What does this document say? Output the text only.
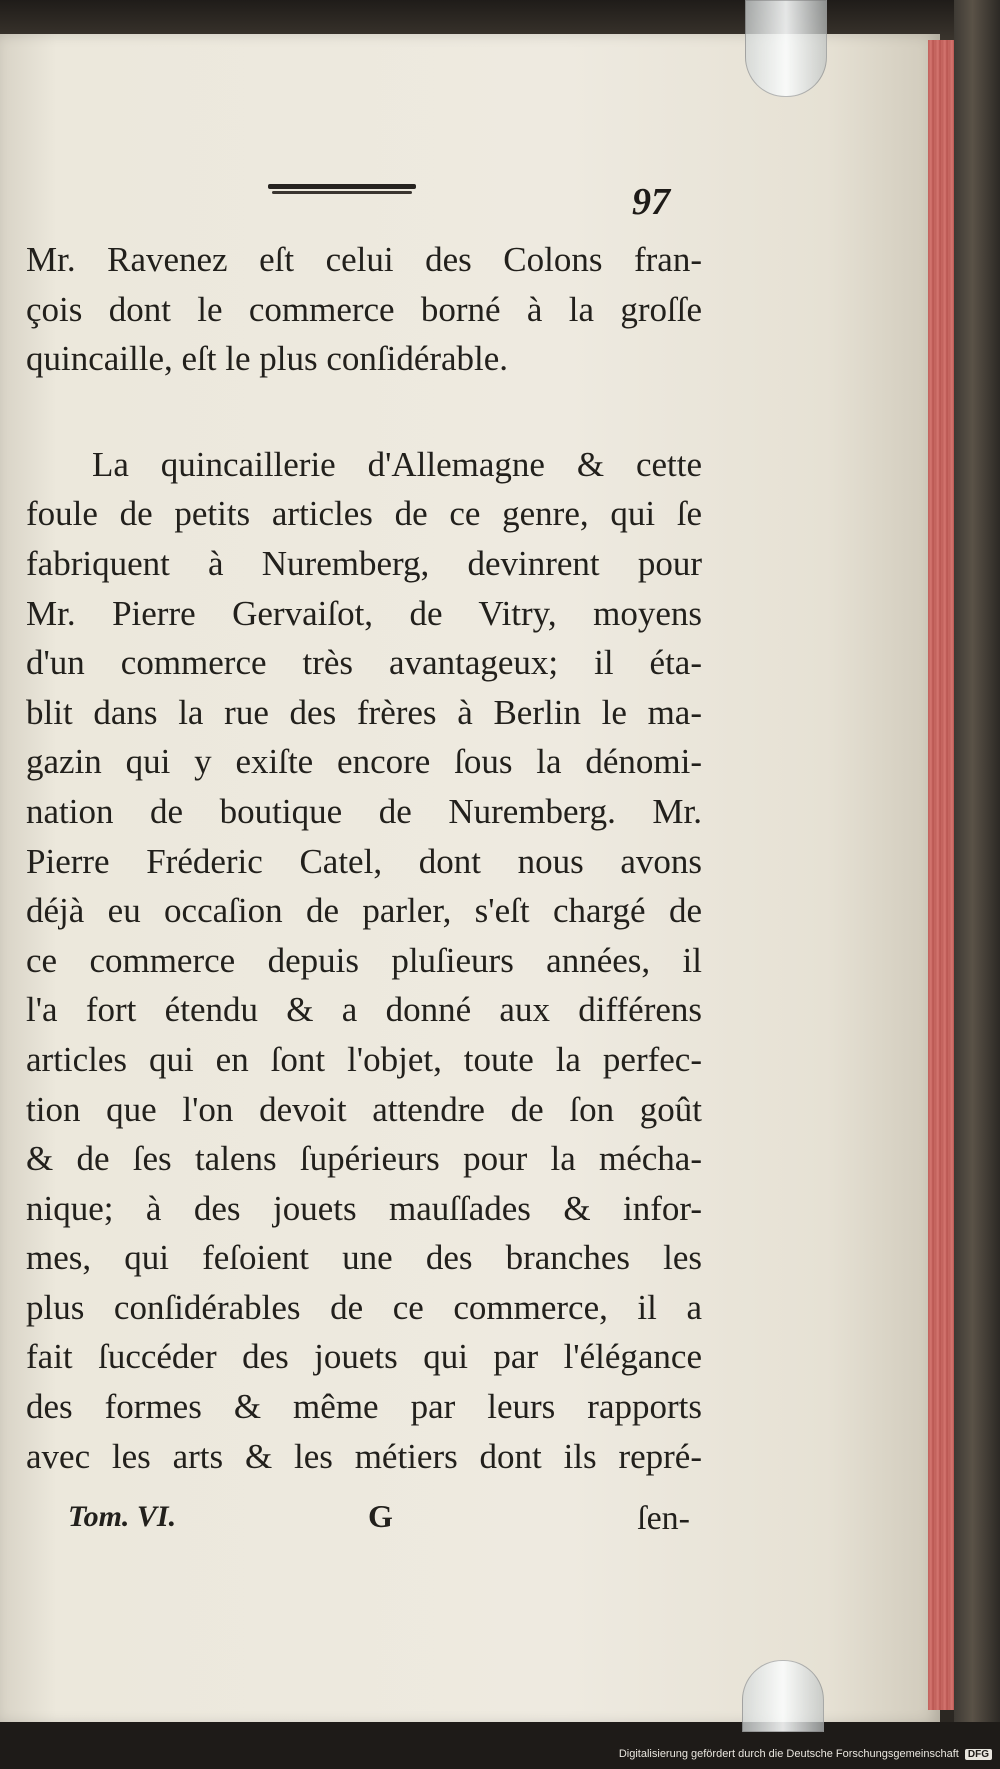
97
Mr. Ravenez eſt celui des Colons fran-
çois dont le commerce borné à la groſſe
quincaille, eſt le plus conſidérable.
La quincaillerie d'Allemagne & cette
foule de petits articles de ce genre, qui ſe
fabriquent à Nuremberg, devinrent pour
Mr. Pierre Gervaiſot, de Vitry, moyens
d'un commerce très avantageux; il éta-
blit dans la rue des frères à Berlin le ma-
gazin qui y exiſte encore ſous la dénomi-
nation de boutique de Nuremberg. Mr.
Pierre Fréderic Catel, dont nous avons
déjà eu occaſion de parler, s'eſt chargé de
ce commerce depuis pluſieurs années, il
l'a fort étendu & a donné aux différens
articles qui en ſont l'objet, toute la perfec-
tion que l'on devoit attendre de ſon goût
& de ſes talens ſupérieurs pour la mécha-
nique; à des jouets mauſſades & infor-
mes, qui feſoient une des branches les
plus conſidérables de ce commerce, il a
fait ſuccéder des jouets qui par l'élégance
des formes & même par leurs rapports
avec les arts & les métiers dont ils repré-
Tom. VI.	G	ſen-
Digitalisierung gefördert durch die Deutsche Forschungsgemeinschaft DFG
